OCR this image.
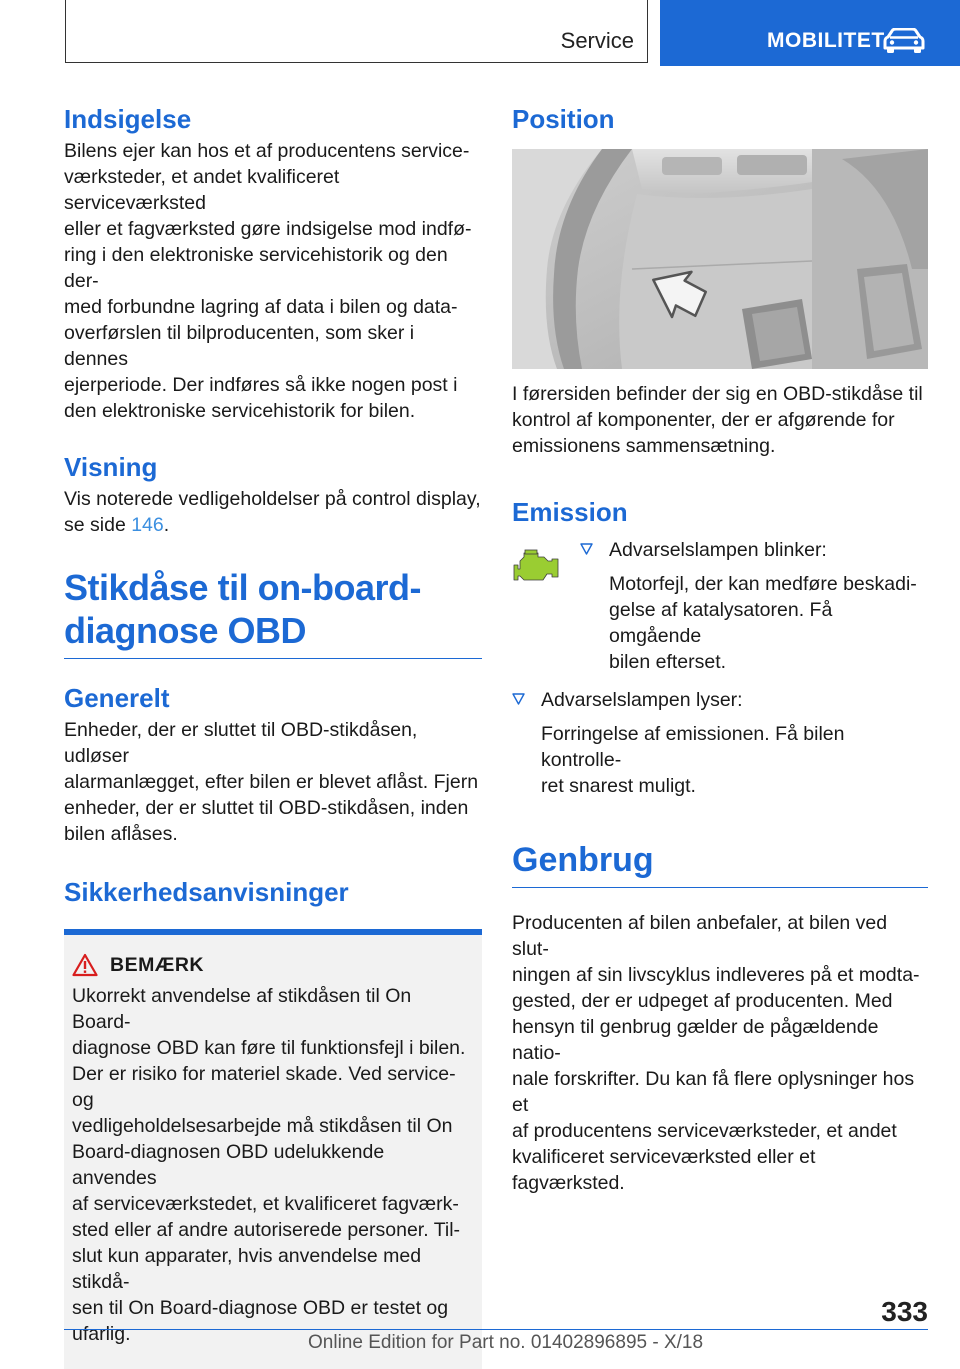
Service	MOBILITET
Indsigelse

Bilens ejer kan hos et af producentens service-
værksteder, et andet kvalificeret serviceværksted
eller et fagværksted gøre indsigelse mod indfø-
ring i den elektroniske servicehistorik og den der-
med forbundne lagring af data i bilen og data-
overførslen til bilproducenten, som sker i dennes
ejerperiode. Der indføres så ikke nogen post i
den elektroniske servicehistorik for bilen.

Visning

Vis noterede vedligeholdelser på control display,
se side 146.

Stikdåse til on-board-
diagnose OBD
Generelt

Enheder, der er sluttet til OBD-stikdåsen, udløser
alarmanlægget, efter bilen er blevet aflåst. Fjern
enheder, der er sluttet til OBD-stikdåsen, inden
bilen aflåses.

Sikkerhedsanvisninger
BEMÆRK

Ukorrekt anvendelse af stikdåsen til On Board-
diagnose OBD kan føre til funktionsfejl i bilen.
Der er risiko for materiel skade. Ved service- og
vedligeholdelsesarbejde må stikdåsen til On
Board-diagnosen OBD udelukkende anvendes
af serviceværkstedet, et kvalificeret fagværk-
sted eller af andre autoriserede personer. Til-
slut kun apparater, hvis anvendelse med stikdå-
sen til On Board-diagnose OBD er testet og
ufarlig.

Position

I førersiden befinder der sig en OBD-stikdåse til
kontrol af komponenter, der er afgørende for
emissionens sammensætning.

Emission

Advarselslampen blinker:

Motorfejl, der kan medføre beskadi-
gelse af katalysatoren. Få omgående
bilen efterset.

Advarselslampen lyser:

Forringelse af emissionen. Få bilen kontrolle-
ret snarest muligt.

Genbrug

Producenten af bilen anbefaler, at bilen ved slut-
ningen af sin livscyklus indleveres på et modta-
gested, der er udpeget af producenten. Med
hensyn til genbrug gælder de pågældende natio-
nale forskrifter. Du kan få flere oplysninger hos et
af producentens serviceværksteder, et andet
kvalificeret serviceværksted eller et fagværksted.

333
Online Edition for Part no. 01402896895 - X/18
